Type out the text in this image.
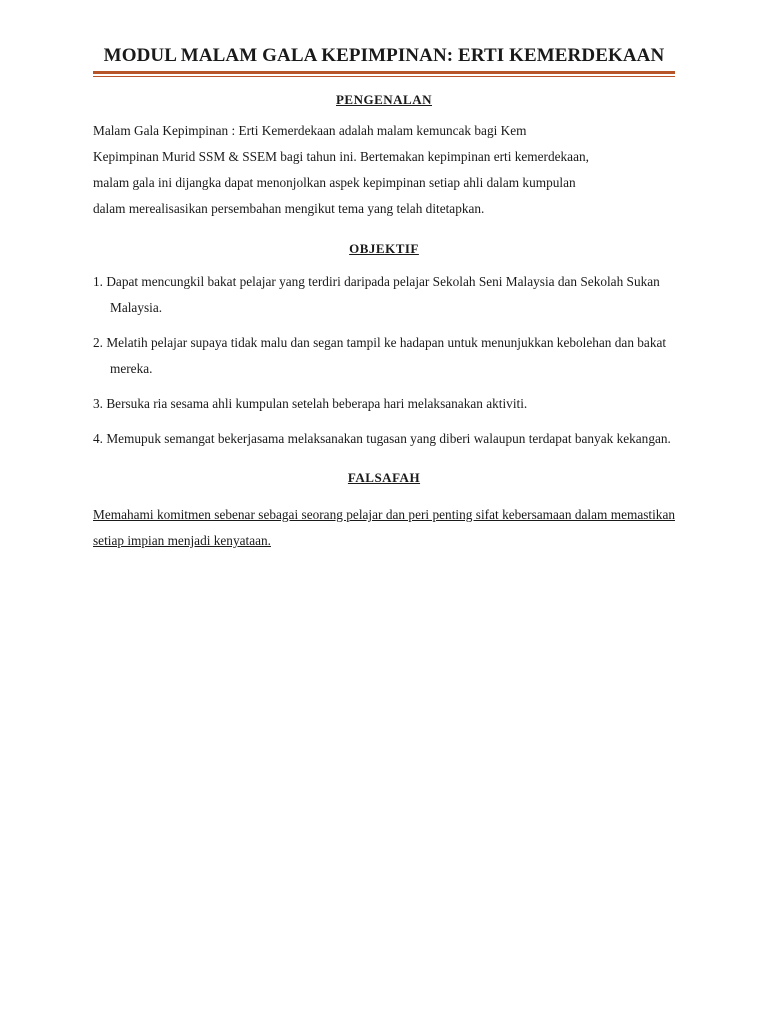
MODUL MALAM GALA KEPIMPINAN: ERTI KEMERDEKAAN
PENGENALAN
Malam Gala Kepimpinan : Erti Kemerdekaan adalah malam kemuncak bagi Kem
Kepimpinan Murid SSM & SSEM bagi tahun ini. Bertemakan kepimpinan erti kemerdekaan,
malam gala ini dijangka dapat menonjolkan aspek kepimpinan setiap ahli dalam kumpulan
dalam merealisasikan persembahan mengikut tema yang telah ditetapkan.
OBJEKTIF
1. Dapat mencungkil bakat pelajar yang terdiri daripada pelajar Sekolah Seni Malaysia dan Sekolah Sukan Malaysia.
2. Melatih pelajar supaya tidak malu dan segan tampil ke hadapan untuk menunjukkan kebolehan dan bakat mereka.
3. Bersuka ria sesama ahli kumpulan setelah beberapa hari melaksanakan aktiviti.
4. Memupuk semangat bekerjasama melaksanakan tugasan yang diberi walaupun terdapat banyak kekangan.
FALSAFAH

Memahami komitmen sebenar sebagai seorang pelajar dan peri penting sifat kebersamaan dalam memastikan setiap impian menjadi kenyataan.
